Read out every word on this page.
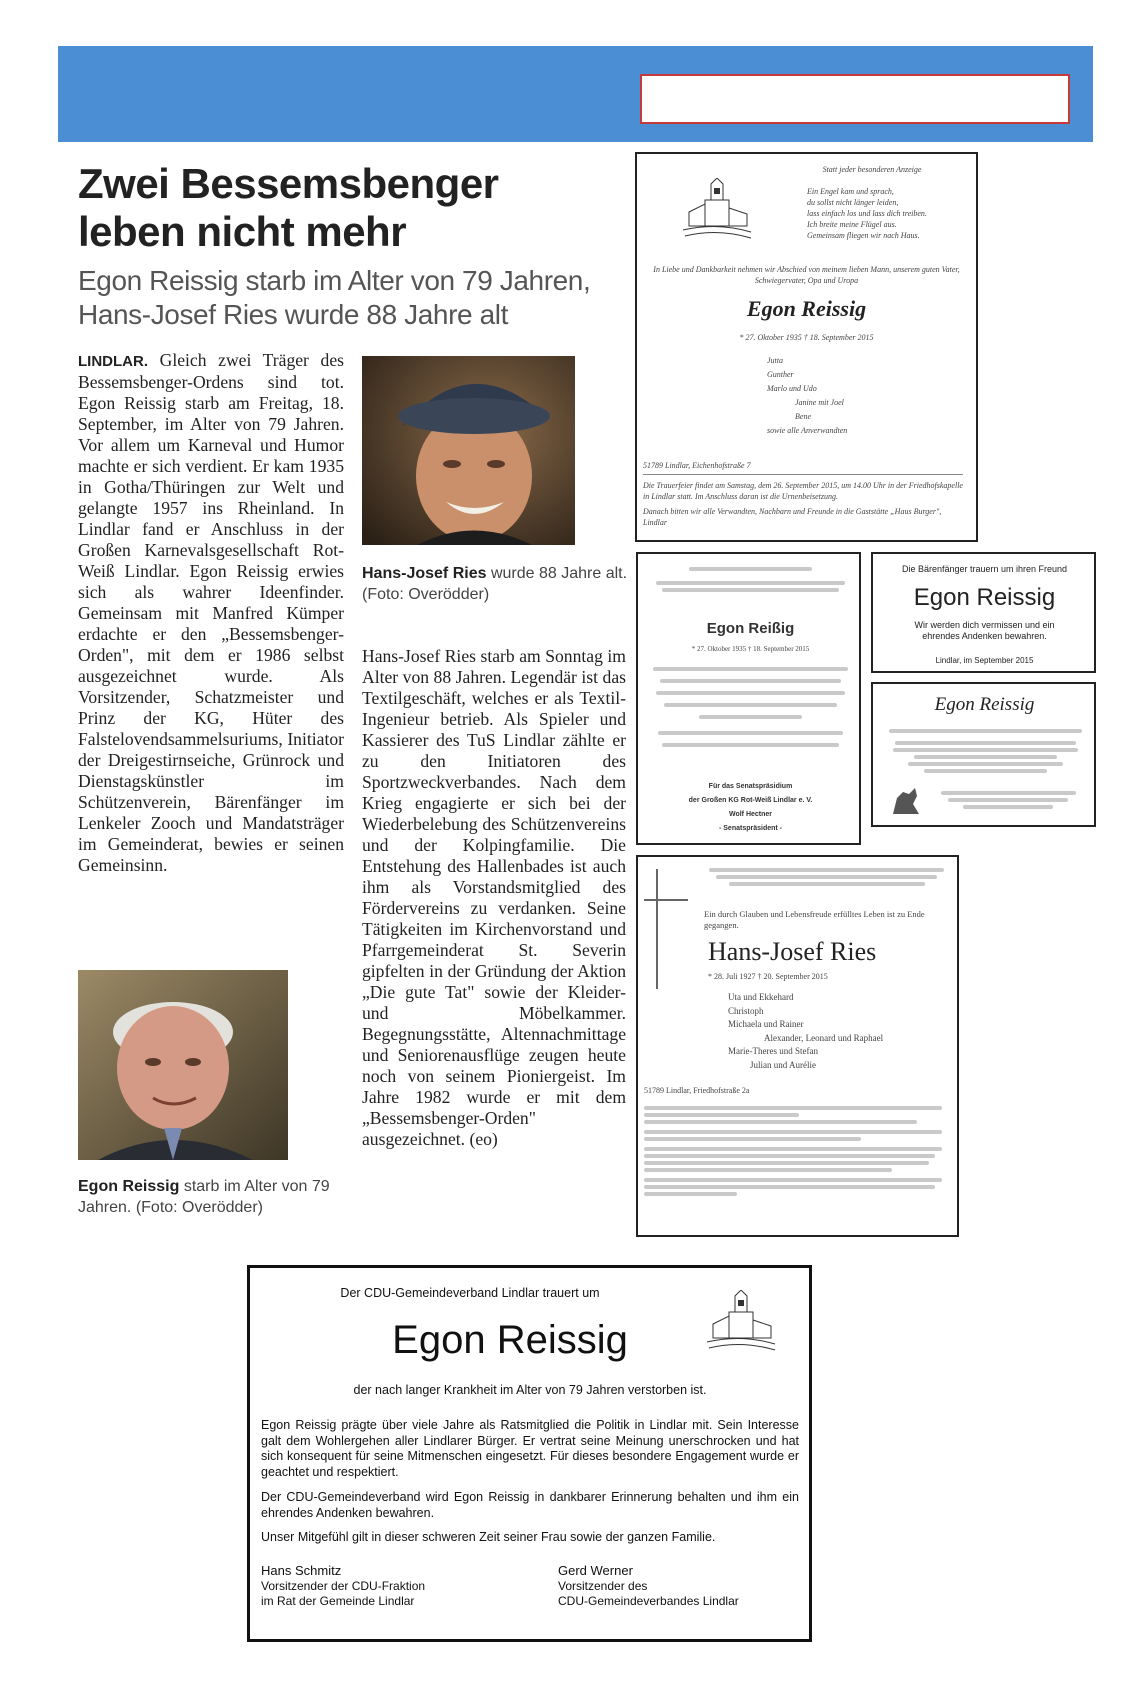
Zwei Bessemsbenger
leben nicht mehr
Egon Reissig starb im Alter von 79 Jahren,
Hans-Josef Ries wurde 88 Jahre alt
LINDLAR. Gleich zwei Träger des Bessemsbenger-Ordens sind tot. Egon Reissig starb am Freitag, 18. September, im Alter von 79 Jahren. Vor allem um Karneval und Humor machte er sich verdient. Er kam 1935 in Gotha/Thüringen zur Welt und gelangte 1957 ins Rheinland. In Lindlar fand er Anschluss in der Großen Karnevalsgesellschaft Rot-Weiß Lindlar. Egon Reissig erwies sich als wahrer Ideenfinder. Gemeinsam mit Manfred Kümper erdachte er den „Bessemsbenger-Orden", mit dem er 1986 selbst ausgezeichnet wurde. Als Vorsitzender, Schatzmeister und Prinz der KG, Hüter des Falstelovendsammelsuriums, Initiator der Dreigestirnseiche, Grünrock und Dienstagskünstler im Schützenverein, Bärenfänger im Lenkeler Zooch und Mandatsträger im Gemeinderat, bewies er seinen Gemeinsinn.
Hans-Josef Ries wurde 88 Jahre alt. (Foto: Overödder)
Hans-Josef Ries starb am Sonntag im Alter von 88 Jahren. Legendär ist das Textilgeschäft, welches er als Textil-Ingenieur betrieb. Als Spieler und Kassierer des TuS Lindlar zählte er zu den Initiatoren des Sportzweckverbandes. Nach dem Krieg engagierte er sich bei der Wiederbelebung des Schützenvereins und der Kolpingfamilie. Die Entstehung des Hallenbades ist auch ihm als Vorstandsmitglied des Fördervereins zu verdanken. Seine Tätigkeiten im Kirchenvorstand und Pfarrgemeinderat St. Severin gipfelten in der Gründung der Aktion „Die gute Tat" sowie der Kleider- und Möbelkammer. Begegnungsstätte, Altennachmittage und Seniorenausflüge zeugen heute noch von seinem Pioniergeist. Im Jahre 1982 wurde er mit dem „Bessemsbenger-Orden" ausgezeichnet. (eo)
Egon Reissig starb im Alter von 79 Jahren. (Foto: Overödder)
Statt jeder besonderen Anzeige
Ein Engel kam und sprach,
du sollst nicht länger leiden,
lass einfach los und lass dich treiben.
Ich breite meine Flügel aus.
Gemeinsam fliegen wir nach Haus.
In Liebe und Dankbarkeit nehmen wir Abschied von meinem lieben Mann, unserem guten Vater, Schwiegervater, Opa und Uropa
Egon Reissig
* 27. Oktober 1935 † 18. September 2015
Jutta
Gunther
Marlo und Udo
Janine mit Joel
Bene
sowie alle Anverwandten
51789 Lindlar, Eichenhofstraße 7
Die Trauerfeier findet am Samstag, dem 26. September 2015, um 14.00 Uhr in der Friedhofskapelle in Lindlar statt. Im Anschluss daran ist die Urnenbeisetzung.
Danach bitten wir alle Verwandten, Nachbarn und Freunde in die Gaststätte „Haus Burger", Lindlar
Egon Reißig
* 27. Oktober 1935 † 18. September 2015
Für das Senatspräsidium
der Großen KG Rot-Weiß Lindlar e. V.
Wolf Hectner
- Senatspräsident -
Die Bärenfänger trauern um ihren Freund
Egon Reissig
Wir werden dich vermissen und ein ehrendes Andenken bewahren.
Lindlar, im September 2015
Egon Reissig
Ein durch Glauben und Lebensfreude erfülltes Leben ist zu Ende gegangen.
Hans-Josef Ries
* 28. Juli 1927 † 20. September 2015
Uta und Ekkehard
Christoph
Michaela und Rainer
Alexander, Leonard und Raphael
Marie-Theres und Stefan
Julian und Aurélie
51789 Lindlar, Friedhofstraße 2a
Der CDU-Gemeindeverband Lindlar trauert um
Egon Reissig
der nach langer Krankheit im Alter von 79 Jahren verstorben ist.
Egon Reissig prägte über viele Jahre als Ratsmitglied die Politik in Lindlar mit. Sein Interesse galt dem Wohlergehen aller Lindlarer Bürger. Er vertrat seine Meinung unerschrocken und hat sich konsequent für seine Mitmenschen eingesetzt. Für dieses besondere Engagement wurde er geachtet und respektiert.
Der CDU-Gemeindeverband wird Egon Reissig in dankbarer Erinnerung behalten und ihm ein ehrendes Andenken bewahren.
Unser Mitgefühl gilt in dieser schweren Zeit seiner Frau sowie der ganzen Familie.
Hans Schmitz
Vorsitzender der CDU-Fraktion
im Rat der Gemeinde Lindlar
Gerd Werner
Vorsitzender des
CDU-Gemeindeverbandes Lindlar
